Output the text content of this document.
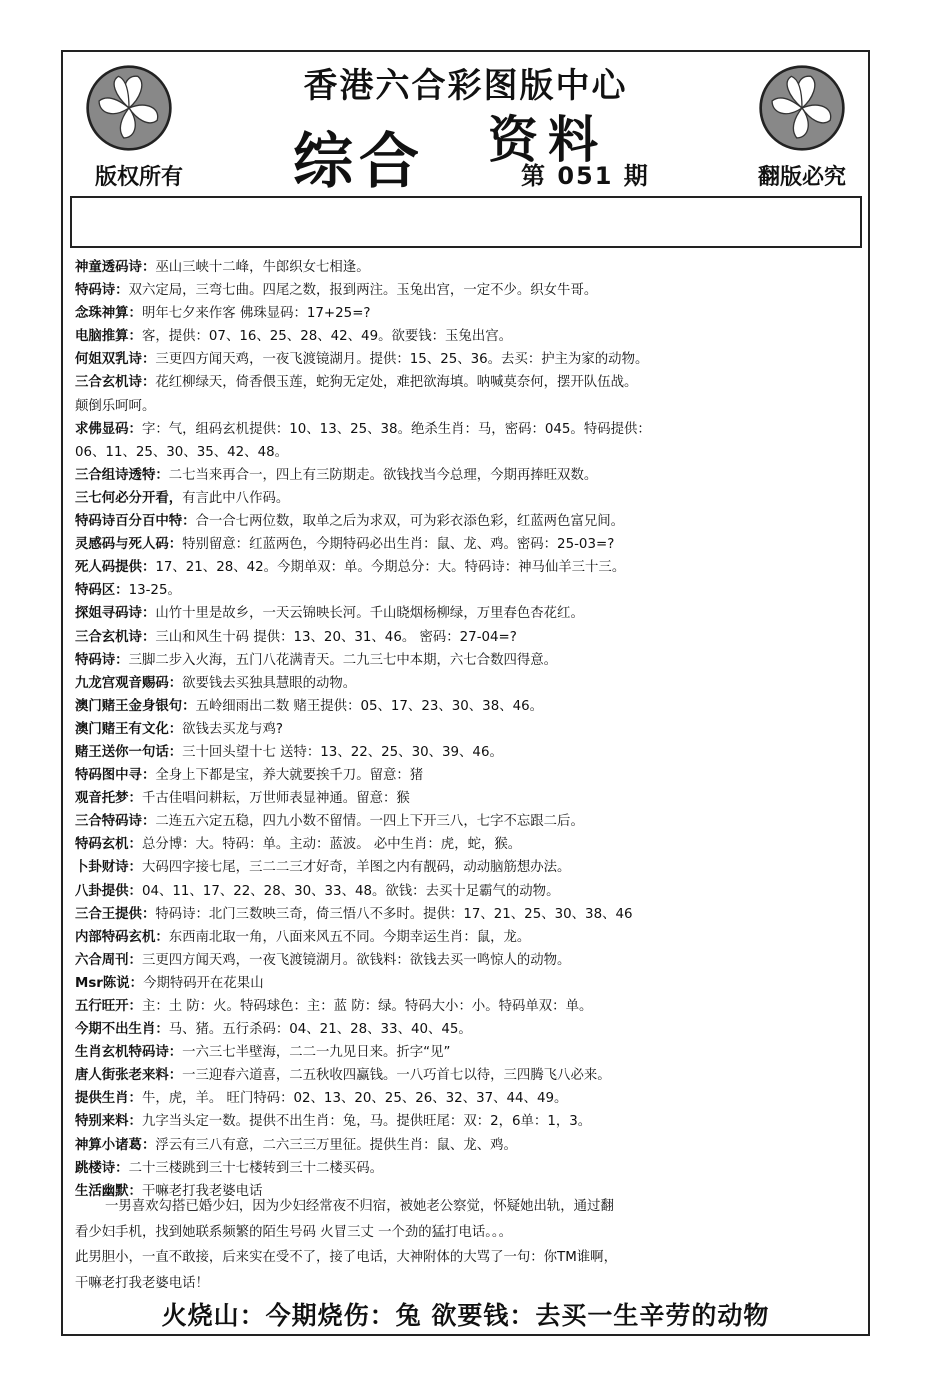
香港六合彩图版中心
综合 资料
第 051 期
版权所有	翻版必究
神童透码诗：巫山三峡十二峰，牛郎织女七相逢。
特码诗：双六定局，三弯七曲。四尾之数，报到两注。玉兔出宫，一定不少。织女牛哥。
念珠神算：明年七夕来作客 佛珠显码：17+25=?
电脑推算：客，提供：07、16、25、28、42、49。欲要钱：玉兔出宫。
何姐双乳诗：三更四方闻天鸡，一夜飞渡镜湖月。提供：15、25、36。去买：护主为家的动物。
三合玄机诗：花红柳绿天，倚香偎玉莲，蛇狗无定处，难把欲海填。呐喊莫奈何，摆开队伍战。
颠倒乐呵呵。
求佛显码：字：气，组码玄机提供：10、13、25、38。绝杀生肖：马，密码：045。特码提供：
06、11、25、30、35、42、48。
三合组诗透特：二七当来再合一，四上有三防期走。欲钱找当今总理，今期再捧旺双数。
三七何必分开看，有言此中八作码。
特码诗百分百中特：合一合七两位数，取单之后为求双，可为彩衣添色彩，红蓝两色富兄间。
灵感码与死人码：特别留意：红蓝两色，今期特码必出生肖：鼠、龙、鸡。密码：25-03=?
死人码提供：17、21、28、42。今期单双：单。今期总分：大。特码诗：神马仙羊三十三。
特码区：13-25。
探姐寻码诗：山竹十里是故乡，一天云锦映长河。千山晓烟杨柳绿，万里春色杏花红。
三合玄机诗：三山和风生十码 提供：13、20、31、46。 密码：27-04=?
特码诗：三脚二步入火海，五门八花满青天。二九三七中本期，六七合数四得意。
九龙宫观音赐码：欲要钱去买独具慧眼的动物。
澳门赌王金身银句：五岭细雨出二数 赌王提供：05、17、23、30、38、46。
澳门赌王有文化：欲钱去买龙与鸡?
赌王送你一句话：三十回头望十七 送特：13、22、25、30、39、46。
特码图中寻：全身上下都是宝，养大就要挨千刀。留意：猪
观音托梦：千古佳唱问耕耘，万世师表显神通。留意：猴
三合特码诗：二连五六定五稳，四九小数不留情。一四上下开三八，七字不忘跟二后。
特码玄机：总分博：大。特码：单。主动：蓝波。 必中生肖：虎，蛇，猴。
卜卦财诗：大码四字接七尾，三二二三才好奇，羊图之内有靓码，动动脑筋想办法。
八卦提供：04、11、17、22、28、30、33、48。欲钱：去买十足霸气的动物。
三合王提供：特码诗：北门三数映三奇，倚三悟八不多时。提供：17、21、25、30、38、46
内部特码玄机：东西南北取一角，八面来风五不同。今期幸运生肖：鼠，龙。
六合周刊：三更四方闻天鸡，一夜飞渡镜湖月。欲钱料：欲钱去买一鸣惊人的动物。
Msr陈说：今期特码开在花果山
五行旺开：主：土 防：火。特码球色：主：蓝 防：绿。特码大小：小。特码单双：单。
今期不出生肖：马、猪。五行杀码：04、21、28、33、40、45。
生肖玄机特码诗：一六三七半壁海，二二一九见日来。折字“见”
唐人街张老来料：一三迎春六道喜，二五秋收四赢钱。一八巧首七以待，三四腾飞八必来。
提供生肖：牛，虎，羊。 旺门特码：02、13、20、25、26、32、37、44、49。
特别来料：九字当头定一数。提供不出生肖：兔，马。提供旺尾：双：2，6单：1，3。
神算小诸葛：浮云有三八有意，二六三三万里征。提供生肖：鼠、龙、鸡。
跳楼诗：二十三楼跳到三十七楼转到三十二楼买码。
生活幽默：干嘛老打我老婆电话

一男喜欢勾搭已婚少妇，因为少妇经常夜不归宿，被她老公察觉，怀疑她出轨，通过翻

看少妇手机，找到她联系频繁的陌生号码 火冒三丈 一个劲的猛打电话。。。

此男胆小，一直不敢接，后来实在受不了，接了电话，大神附体的大骂了一句：你TM谁啊，

干嘛老打我老婆电话！

火烧山：今期烧伤：兔 欲要钱：去买一生辛劳的动物
